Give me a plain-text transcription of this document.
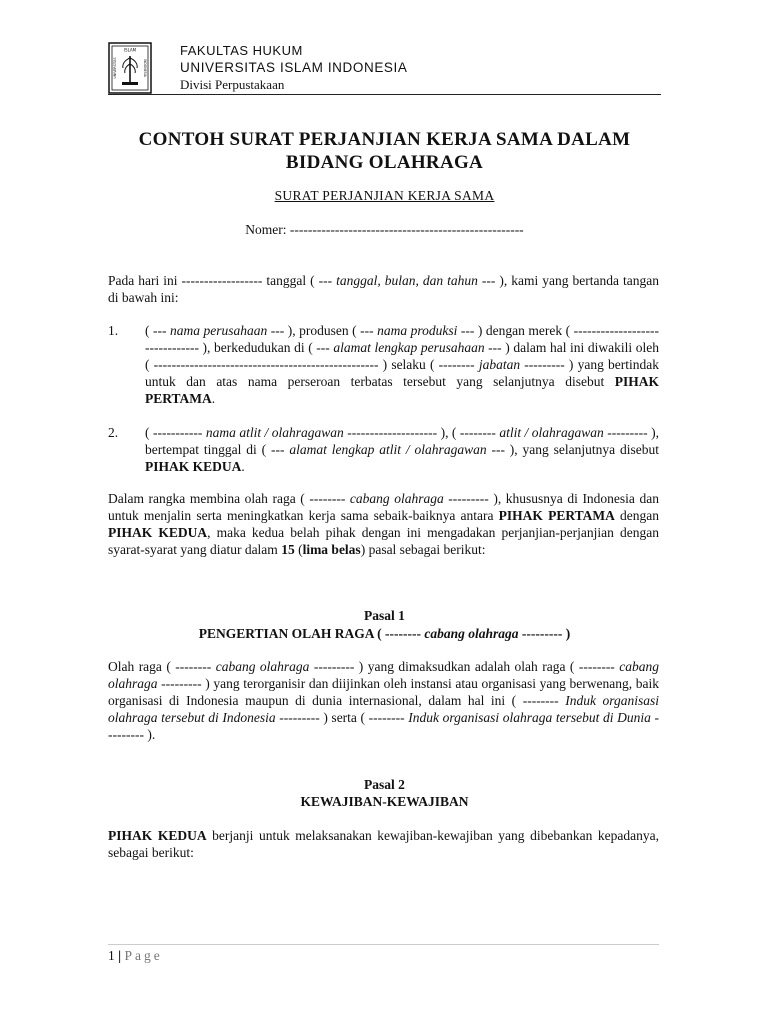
ISLAM
UNIVERSITAS	INDONESIA
FAKULTAS HUKUM
UNIVERSITAS ISLAM INDONESIA
Divisi Perpustakaan
CONTOH SURAT PERJANJIAN KERJA SAMA DALAM
BIDANG OLAHRAGA
SURAT PERJANJIAN KERJA SAMA
Nomer: ----------------------------------------------------
Pada hari ini ------------------ tanggal ( --- tanggal, bulan, dan tahun --- ), kami yang bertanda tangan di bawah ini:
1. ( --- nama perusahaan --- ), produsen ( --- nama produksi --- ) dengan merek ( ------------------------------- ), berkedudukan di ( --- alamat lengkap perusahaan --- ) dalam hal ini diwakili oleh ( -------------------------------------------------- ) selaku ( -------- jabatan --------- ) yang bertindak untuk dan atas nama perseroan terbatas tersebut yang selanjutnya disebut PIHAK PERTAMA.
2. ( ----------- nama atlit / olahragawan -------------------- ), ( -------- atlit / olahragawan --------- ), bertempat tinggal di ( --- alamat lengkap atlit / olahragawan --- ), yang selanjutnya disebut PIHAK KEDUA.
Dalam rangka membina olah raga ( -------- cabang olahraga --------- ), khususnya di Indonesia dan untuk menjalin serta meningkatkan kerja sama sebaik-baiknya antara PIHAK PERTAMA dengan PIHAK KEDUA, maka kedua belah pihak dengan ini mengadakan perjanjian-perjanjian dengan syarat-syarat yang diatur dalam 15 (lima belas) pasal sebagai berikut:
Pasal 1
PENGERTIAN OLAH RAGA ( -------- cabang olahraga --------- )
Olah raga ( -------- cabang olahraga --------- ) yang dimaksudkan adalah olah raga ( -------- cabang olahraga --------- ) yang terorganisir dan diijinkan oleh instansi atau organisasi yang berwenang, baik organisasi di Indonesia maupun di dunia internasional, dalam hal ini ( -------- Induk organisasi olahraga tersebut di Indonesia --------- ) serta ( -------- Induk organisasi olahraga tersebut di Dunia --------- ).
Pasal 2
KEWAJIBAN-KEWAJIBAN
PIHAK KEDUA berjanji untuk melaksanakan kewajiban-kewajiban yang dibebankan kepadanya, sebagai berikut:
1 | Page
